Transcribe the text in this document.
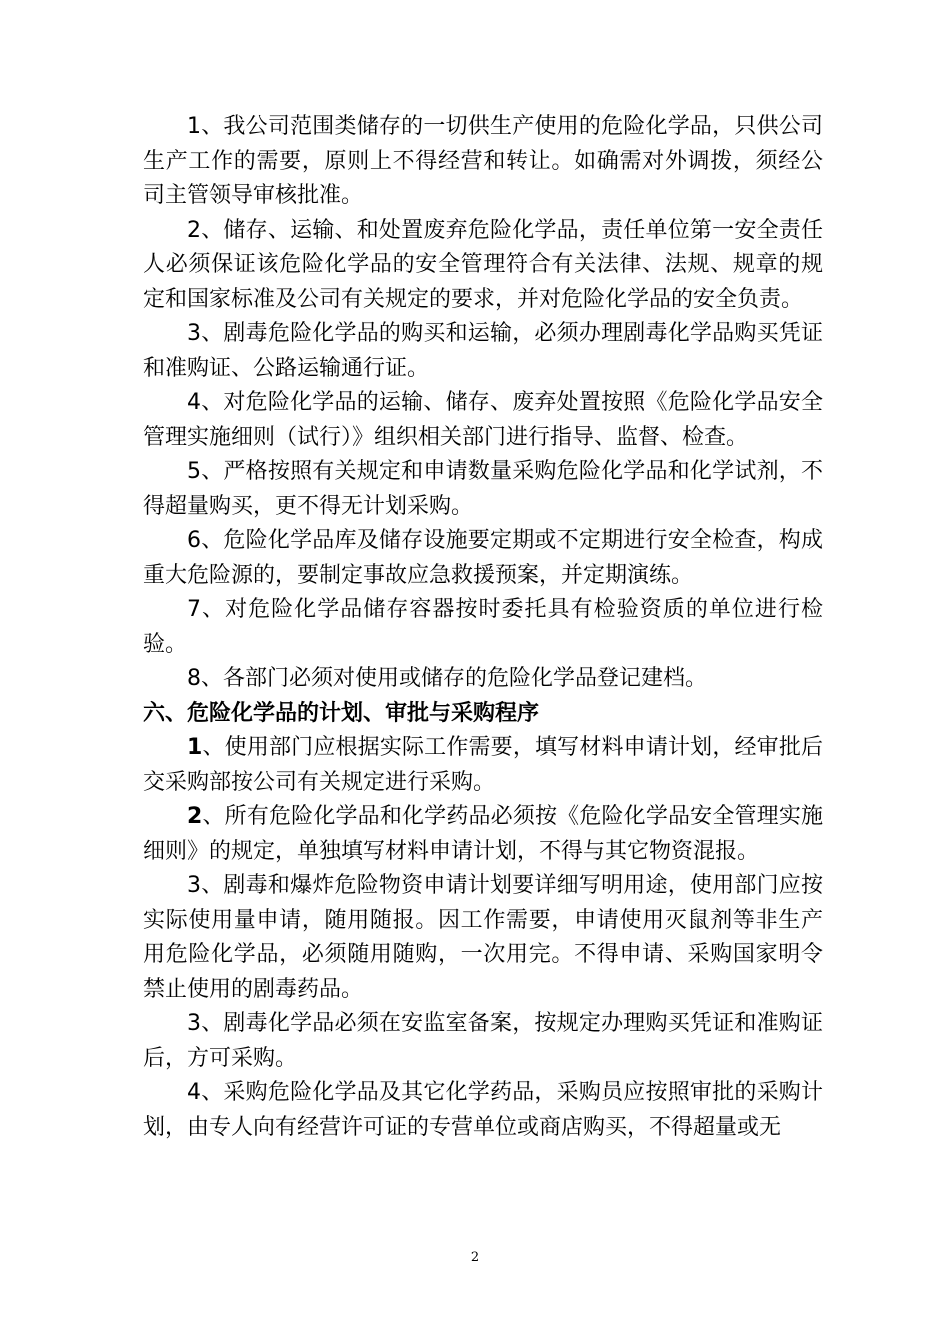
1、我公司范围类储存的一切供生产使用的危险化学品，只供公司生产工作的需要，原则上不得经营和转让。如确需对外调拨，须经公司主管领导审核批准。

2、储存、运输、和处置废弃危险化学品，责任单位第一安全责任人必须保证该危险化学品的安全管理符合有关法律、法规、规章的规定和国家标准及公司有关规定的要求，并对危险化学品的安全负责。

3、剧毒危险化学品的购买和运输，必须办理剧毒化学品购买凭证和准购证、公路运输通行证。

4、对危险化学品的运输、储存、废弃处置按照《危险化学品安全管理实施细则（试行）》组织相关部门进行指导、监督、检查。

5、严格按照有关规定和申请数量采购危险化学品和化学试剂，不得超量购买，更不得无计划采购。

6、危险化学品库及储存设施要定期或不定期进行安全检查，构成重大危险源的，要制定事故应急救援预案，并定期演练。

7、对危险化学品储存容器按时委托具有检验资质的单位进行检验。

8、各部门必须对使用或储存的危险化学品登记建档。

六、危险化学品的计划、审批与采购程序

1、使用部门应根据实际工作需要，填写材料申请计划，经审批后交采购部按公司有关规定进行采购。

2、所有危险化学品和化学药品必须按《危险化学品安全管理实施细则》的规定，单独填写材料申请计划，不得与其它物资混报。

3、剧毒和爆炸危险物资申请计划要详细写明用途，使用部门应按实际使用量申请，随用随报。因工作需要，申请使用灭鼠剂等非生产用危险化学品，必须随用随购，一次用完。不得申请、采购国家明令禁止使用的剧毒药品。

3、剧毒化学品必须在安监室备案，按规定办理购买凭证和准购证后，方可采购。

4、采购危险化学品及其它化学药品，采购员应按照审批的采购计划，由专人向有经营许可证的专营单位或商店购买，不得超量或无

2
